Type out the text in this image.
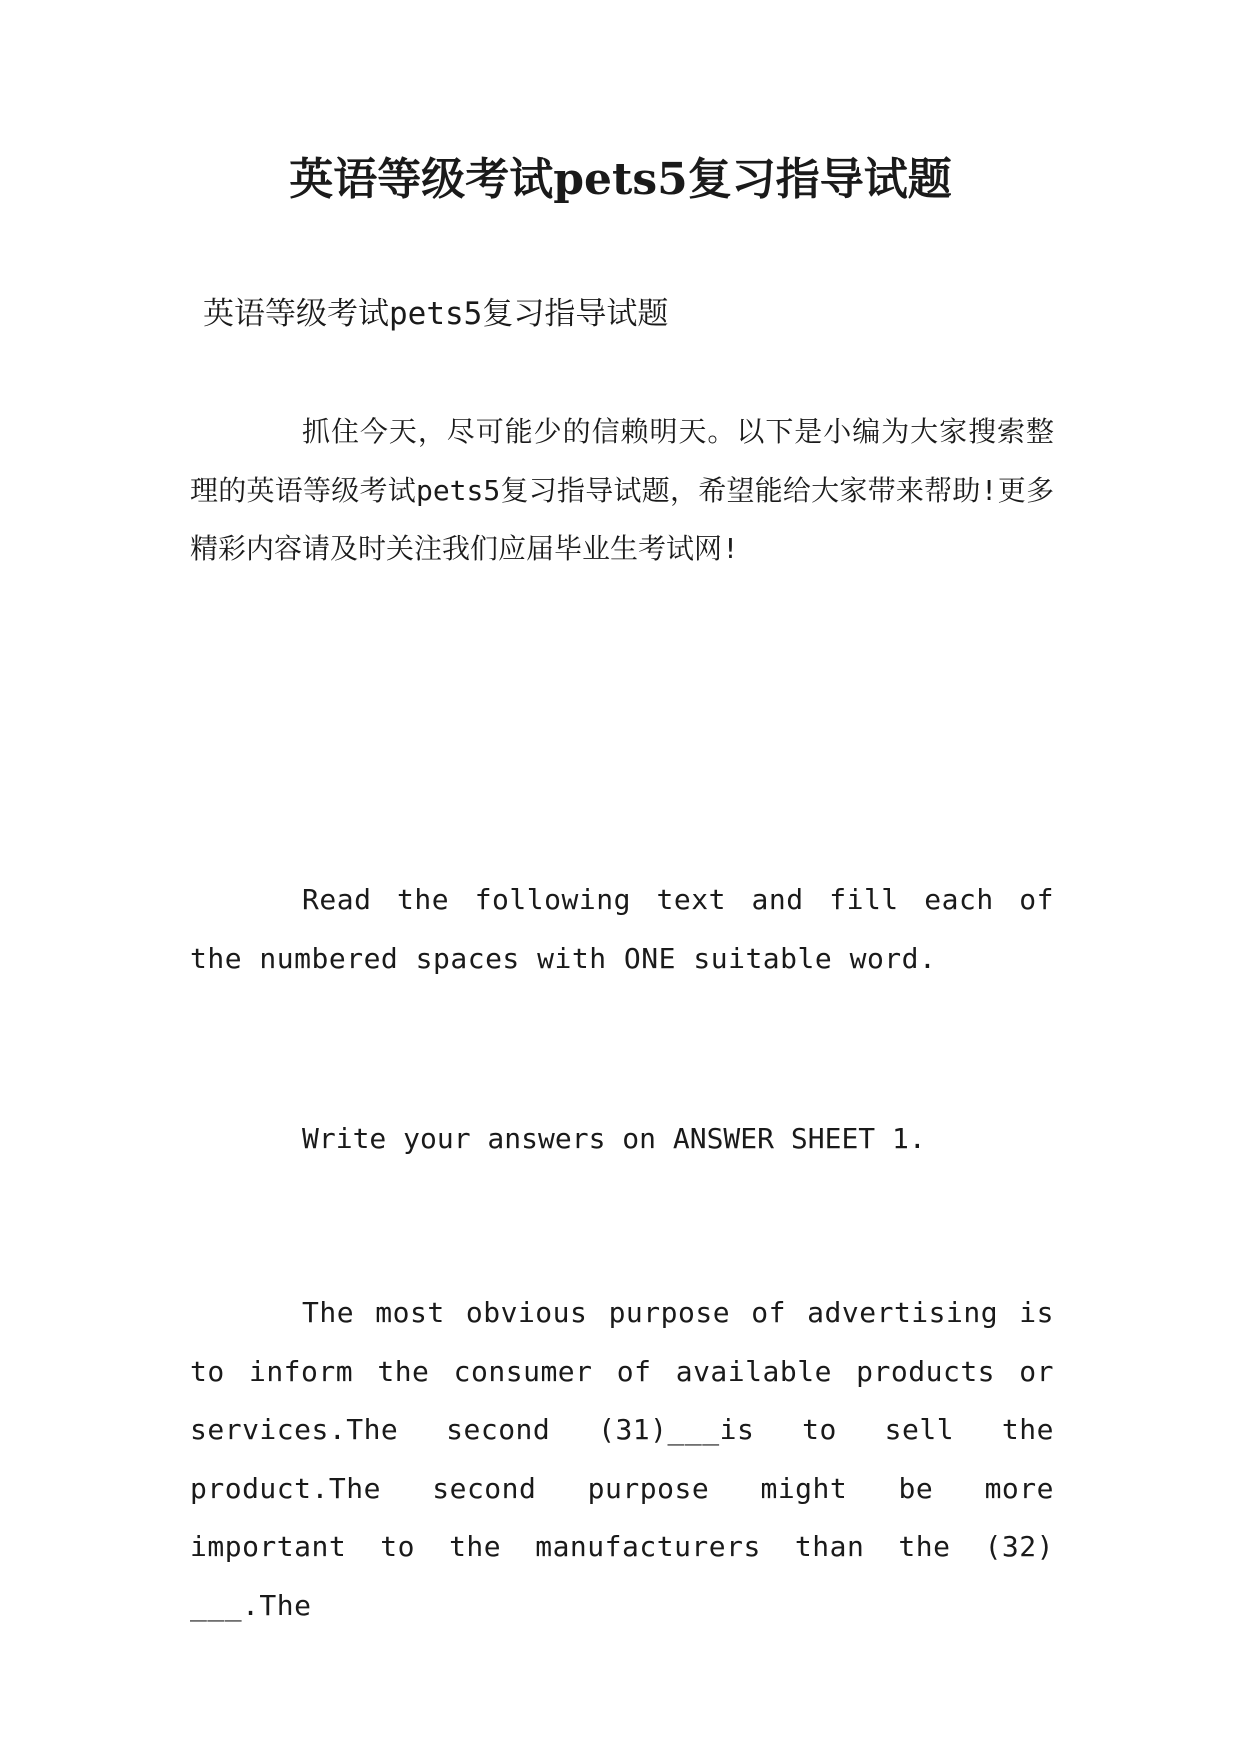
英语等级考试pets5复习指导试题
英语等级考试pets5复习指导试题

抓住今天，尽可能少的信赖明天。以下是小编为大家搜索整理的英语等级考试pets5复习指导试题，希望能给大家带来帮助!更多精彩内容请及时关注我们应届毕业生考试网!

Read the following text and fill each of the numbered spaces with ONE suitable word.

Write your answers on ANSWER SHEET 1.

The most obvious purpose of advertising is to inform the consumer of available products or services.The second (31)___is to sell the product.The second purpose might be more important to the manufacturers than the (32) ___.The
